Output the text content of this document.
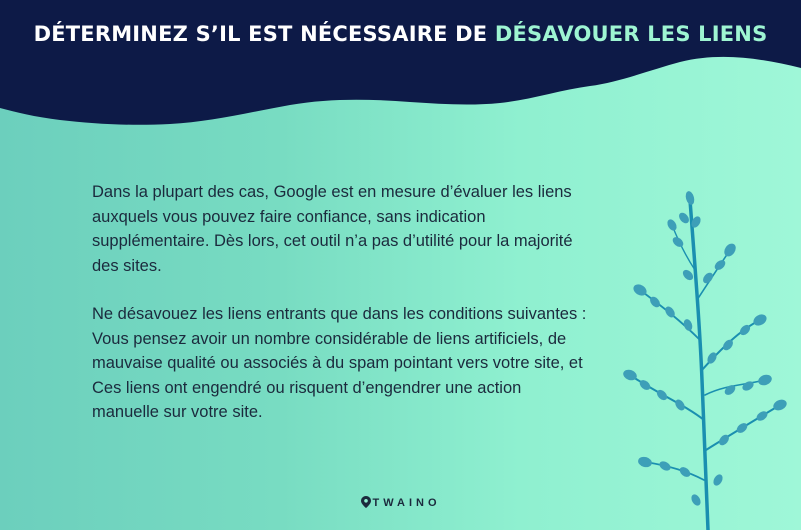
DÉTERMINEZ S’IL EST NÉCESSAIRE DE DÉSAVOUER LES LIENS

Dans la plupart des cas, Google est en mesure d’évaluer les liens auxquels vous pouvez faire confiance, sans indication supplémentaire. Dès lors, cet outil n’a pas d’utilité pour la majorité des sites.

Ne désavouez les liens entrants que dans les conditions suivantes : Vous pensez avoir un nombre considérable de liens artificiels, de mauvaise qualité ou associés à du spam pointant vers votre site, et Ces liens ont engendré ou risquent d’engendrer une action manuelle sur votre site.

TWAINO
